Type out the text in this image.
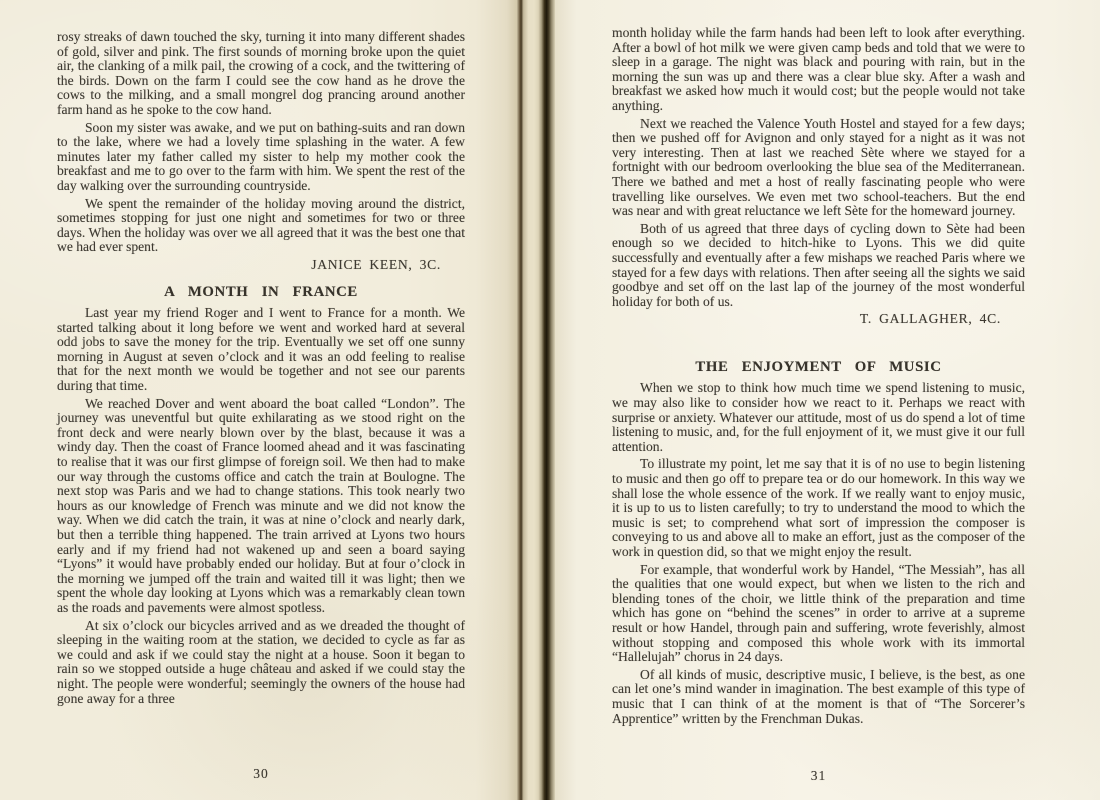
rosy streaks of dawn touched the sky, turning it into many different shades of gold, silver and pink. The first sounds of morning broke upon the quiet air, the clanking of a milk pail, the crowing of a cock, and the twittering of the birds. Down on the farm I could see the cow hand as he drove the cows to the milking, and a small mongrel dog prancing around another farm hand as he spoke to the cow hand.

Soon my sister was awake, and we put on bathing-suits and ran down to the lake, where we had a lovely time splashing in the water. A few minutes later my father called my sister to help my mother cook the breakfast and me to go over to the farm with him. We spent the rest of the day walking over the surrounding countryside.

We spent the remainder of the holiday moving around the district, sometimes stopping for just one night and sometimes for two or three days. When the holiday was over we all agreed that it was the best one that we had ever spent.

JANICE KEEN, 3C.

A MONTH IN FRANCE

Last year my friend Roger and I went to France for a month. We started talking about it long before we went and worked hard at several odd jobs to save the money for the trip. Eventually we set off one sunny morning in August at seven o’clock and it was an odd feeling to realise that for the next month we would be together and not see our parents during that time.

We reached Dover and went aboard the boat called “London”. The journey was uneventful but quite exhilarating as we stood right on the front deck and were nearly blown over by the blast, because it was a windy day. Then the coast of France loomed ahead and it was fascinating to realise that it was our first glimpse of foreign soil. We then had to make our way through the customs office and catch the train at Boulogne. The next stop was Paris and we had to change stations. This took nearly two hours as our knowledge of French was minute and we did not know the way. When we did catch the train, it was at nine o’clock and nearly dark, but then a terrible thing happened. The train arrived at Lyons two hours early and if my friend had not wakened up and seen a board saying “Lyons” it would have probably ended our holiday. But at four o’clock in the morning we jumped off the train and waited till it was light; then we spent the whole day looking at Lyons which was a remarkably clean town as the roads and pavements were almost spotless.

At six o’clock our bicycles arrived and as we dreaded the thought of sleeping in the waiting room at the station, we decided to cycle as far as we could and ask if we could stay the night at a house. Soon it began to rain so we stopped outside a huge château and asked if we could stay the night. The people were wonderful; seemingly the owners of the house had gone away for a three

30

month holiday while the farm hands had been left to look after everything. After a bowl of hot milk we were given camp beds and told that we were to sleep in a garage. The night was black and pouring with rain, but in the morning the sun was up and there was a clear blue sky. After a wash and breakfast we asked how much it would cost; but the people would not take anything.

Next we reached the Valence Youth Hostel and stayed for a few days; then we pushed off for Avignon and only stayed for a night as it was not very interesting. Then at last we reached Sète where we stayed for a fortnight with our bedroom overlooking the blue sea of the Mediterranean. There we bathed and met a host of really fascinating people who were travelling like ourselves. We even met two school-teachers. But the end was near and with great reluctance we left Sète for the homeward journey.

Both of us agreed that three days of cycling down to Sète had been enough so we decided to hitch-hike to Lyons. This we did quite successfully and eventually after a few mishaps we reached Paris where we stayed for a few days with relations. Then after seeing all the sights we said goodbye and set off on the last lap of the journey of the most wonderful holiday for both of us.

T. GALLAGHER, 4C.

THE ENJOYMENT OF MUSIC

When we stop to think how much time we spend listening to music, we may also like to consider how we react to it. Perhaps we react with surprise or anxiety. Whatever our attitude, most of us do spend a lot of time listening to music, and, for the full enjoyment of it, we must give it our full attention.

To illustrate my point, let me say that it is of no use to begin listening to music and then go off to prepare tea or do our homework. In this way we shall lose the whole essence of the work. If we really want to enjoy music, it is up to us to listen carefully; to try to understand the mood to which the music is set; to comprehend what sort of impression the composer is conveying to us and above all to make an effort, just as the composer of the work in question did, so that we might enjoy the result.

For example, that wonderful work by Handel, “The Messiah”, has all the qualities that one would expect, but when we listen to the rich and blending tones of the choir, we little think of the preparation and time which has gone on “behind the scenes” in order to arrive at a supreme result or how Handel, through pain and suffering, wrote feverishly, almost without stopping and composed this whole work with its immortal “Hallelujah” chorus in 24 days.

Of all kinds of music, descriptive music, I believe, is the best, as one can let one’s mind wander in imagination. The best example of this type of music that I can think of at the moment is that of “The Sorcerer’s Apprentice” written by the Frenchman Dukas.

31
